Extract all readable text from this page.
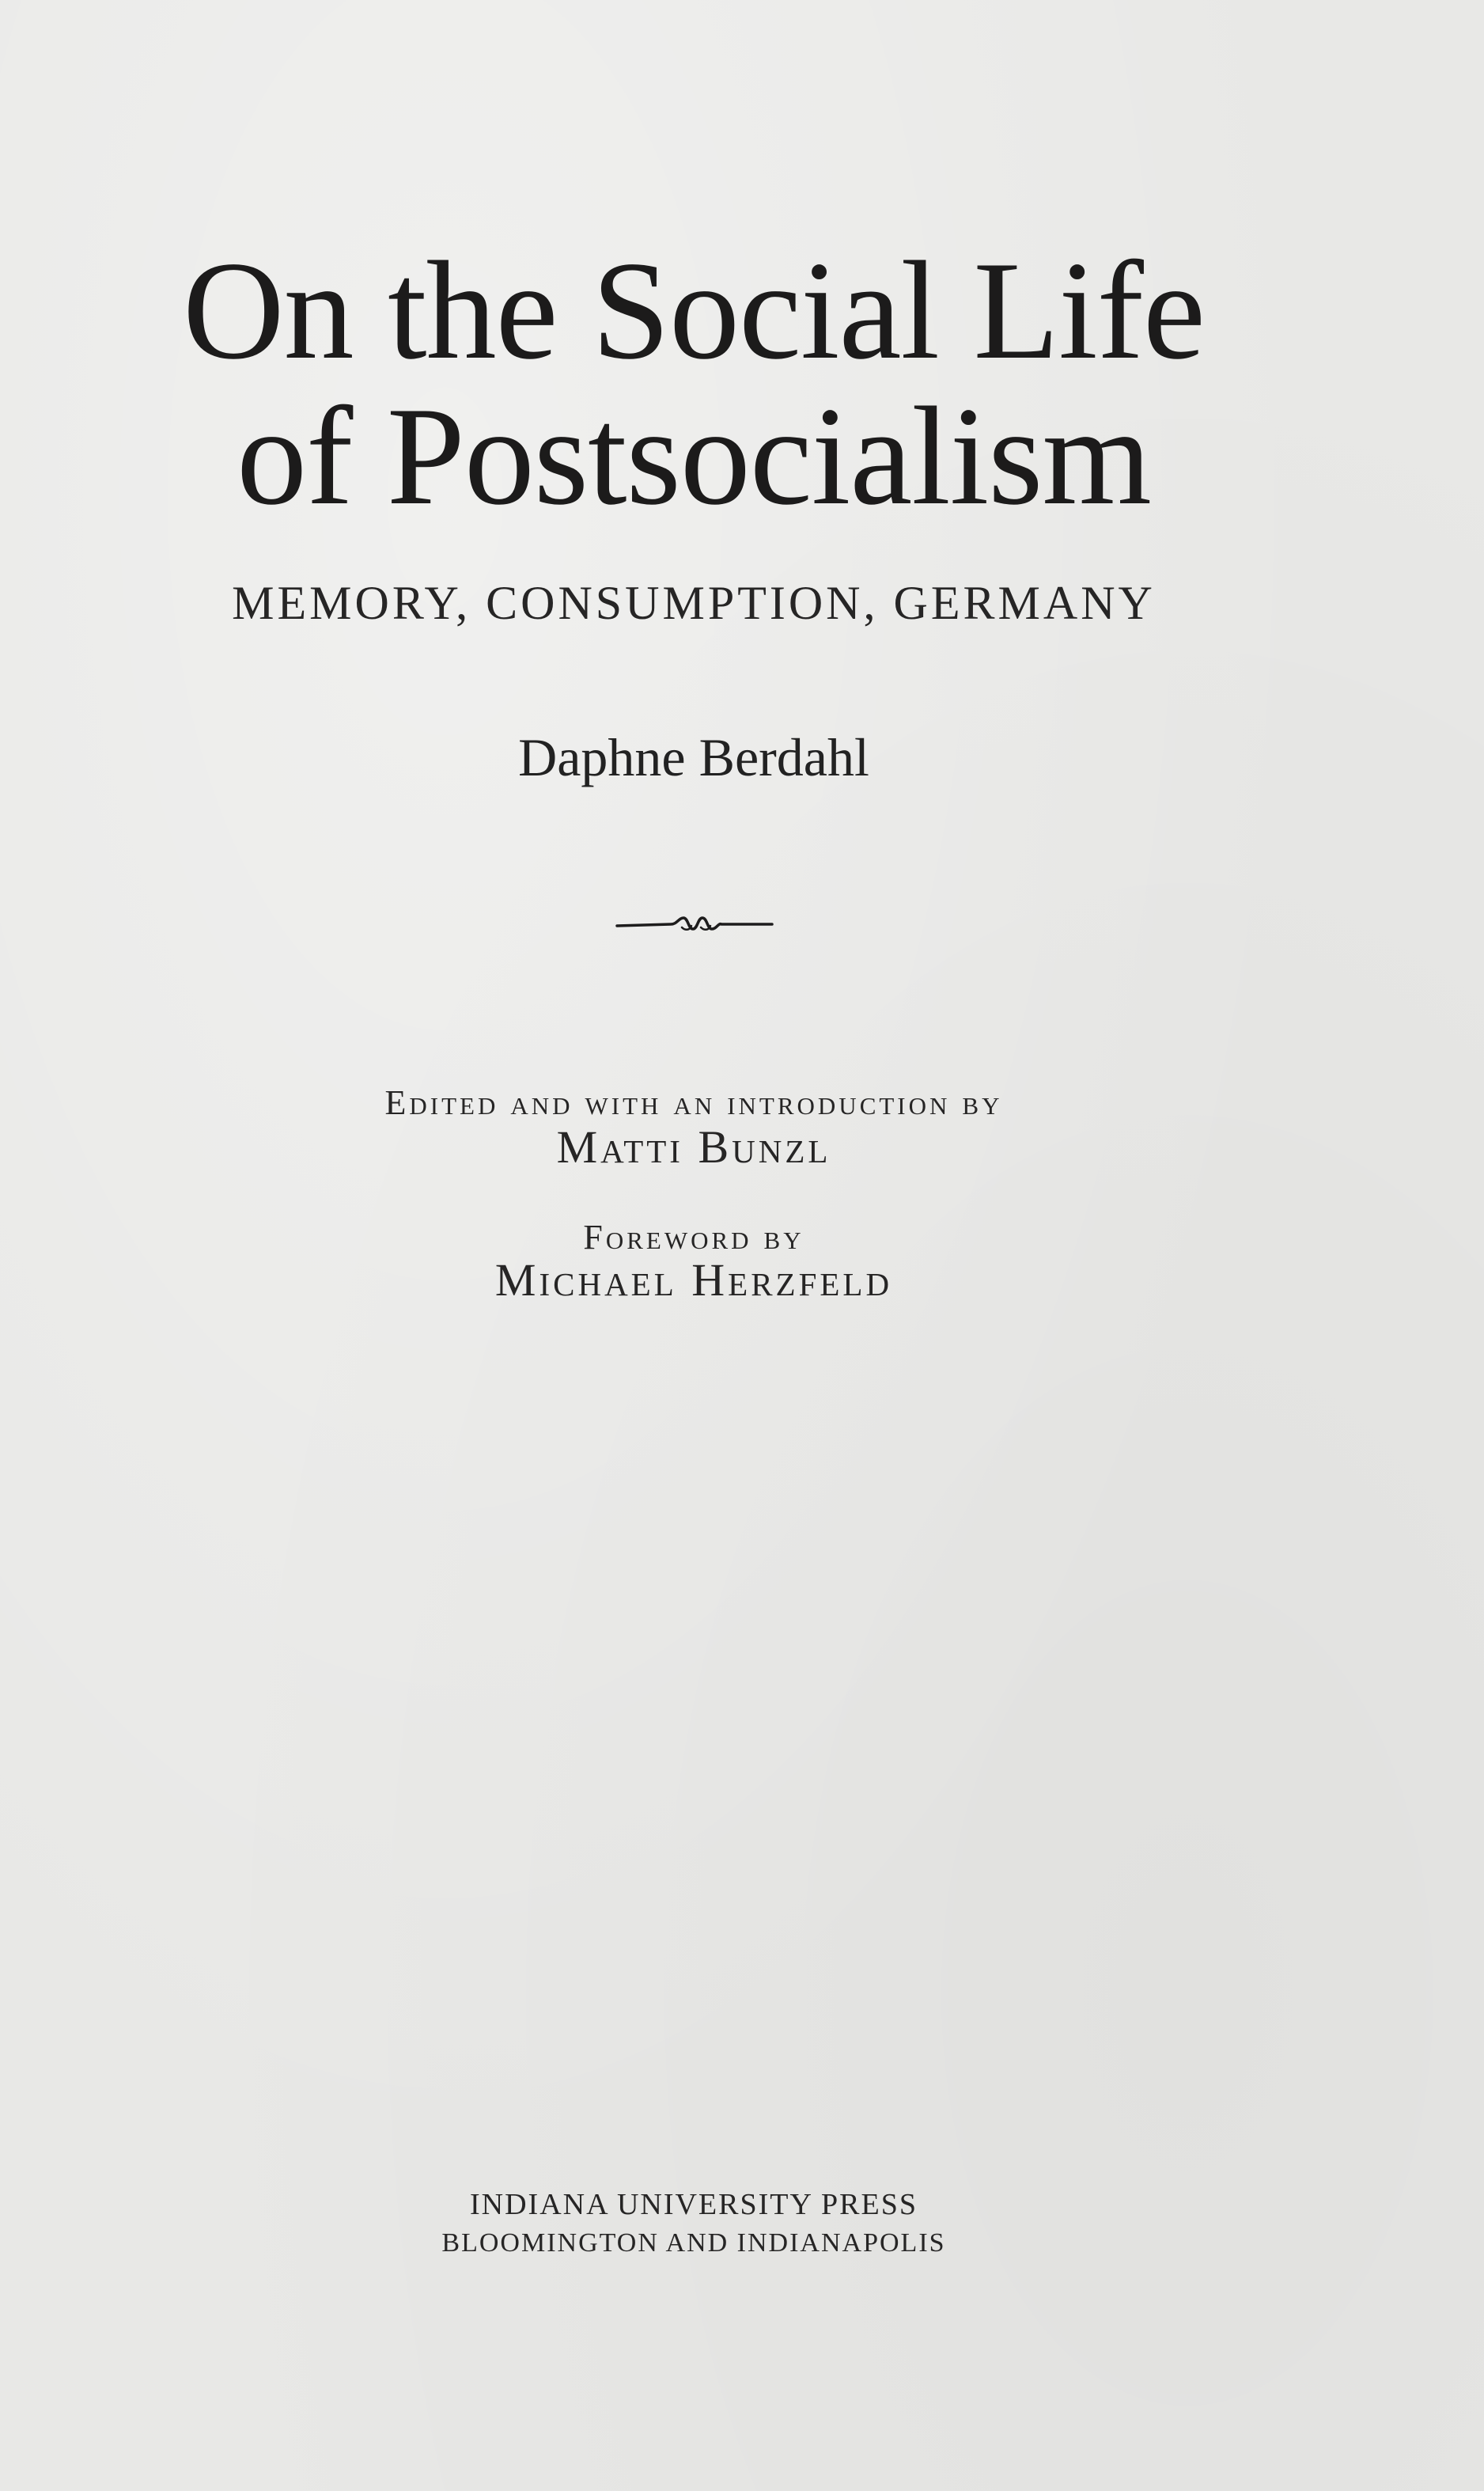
On the Social Life
of Postsocialism
MEMORY, CONSUMPTION, GERMANY
Daphne Berdahl
Edited and with an introduction by
Matti Bunzl
Foreword by
Michael Herzfeld
INDIANA UNIVERSITY PRESS
BLOOMINGTON AND INDIANAPOLIS
